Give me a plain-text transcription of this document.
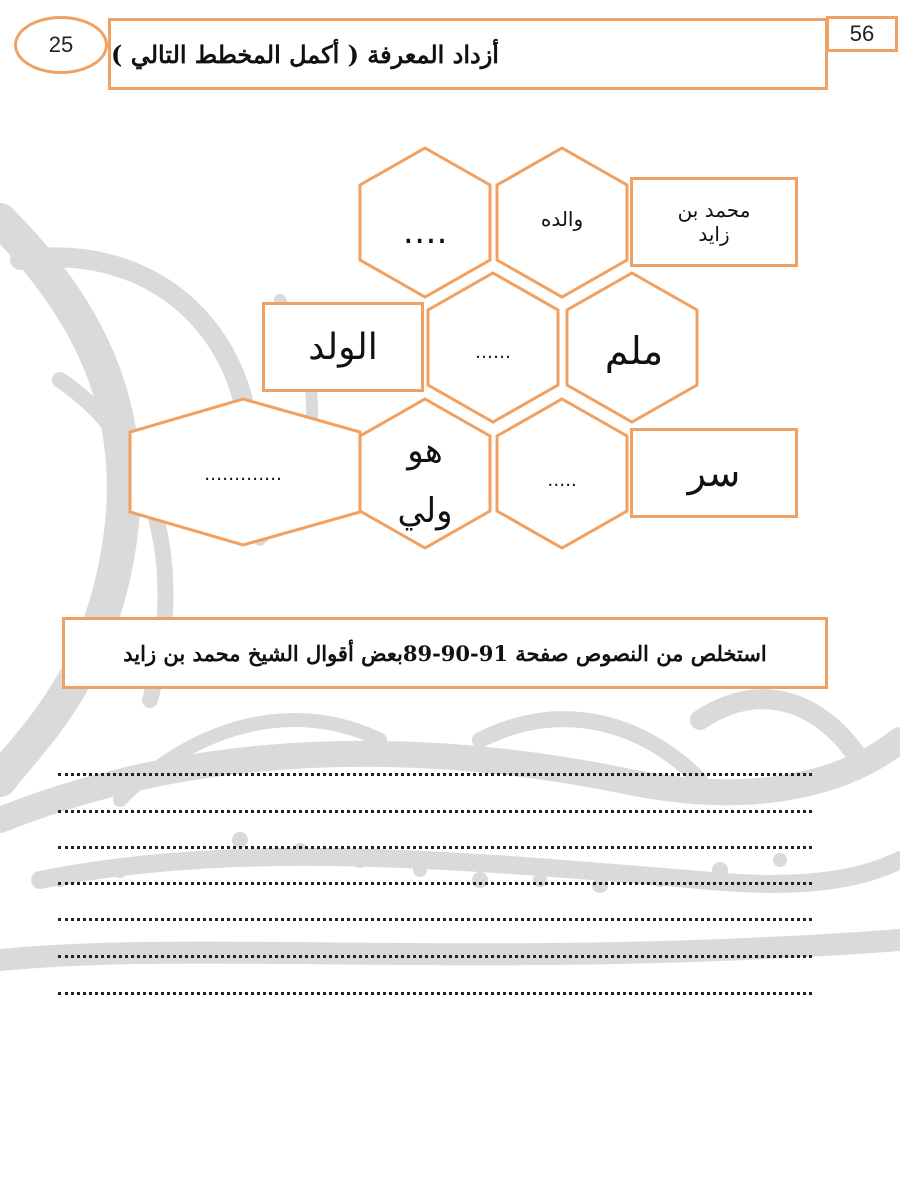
56
25 أزداد المعرفة ( أكمل المخطط التالي )
….	والده
…… ملم
………….
هو
ولي
…..
محمد بن
زايد
الولد
سر
استخلص من النصوص صفحة 91-90-89بعض أقوال الشيخ محمد بن زايد
